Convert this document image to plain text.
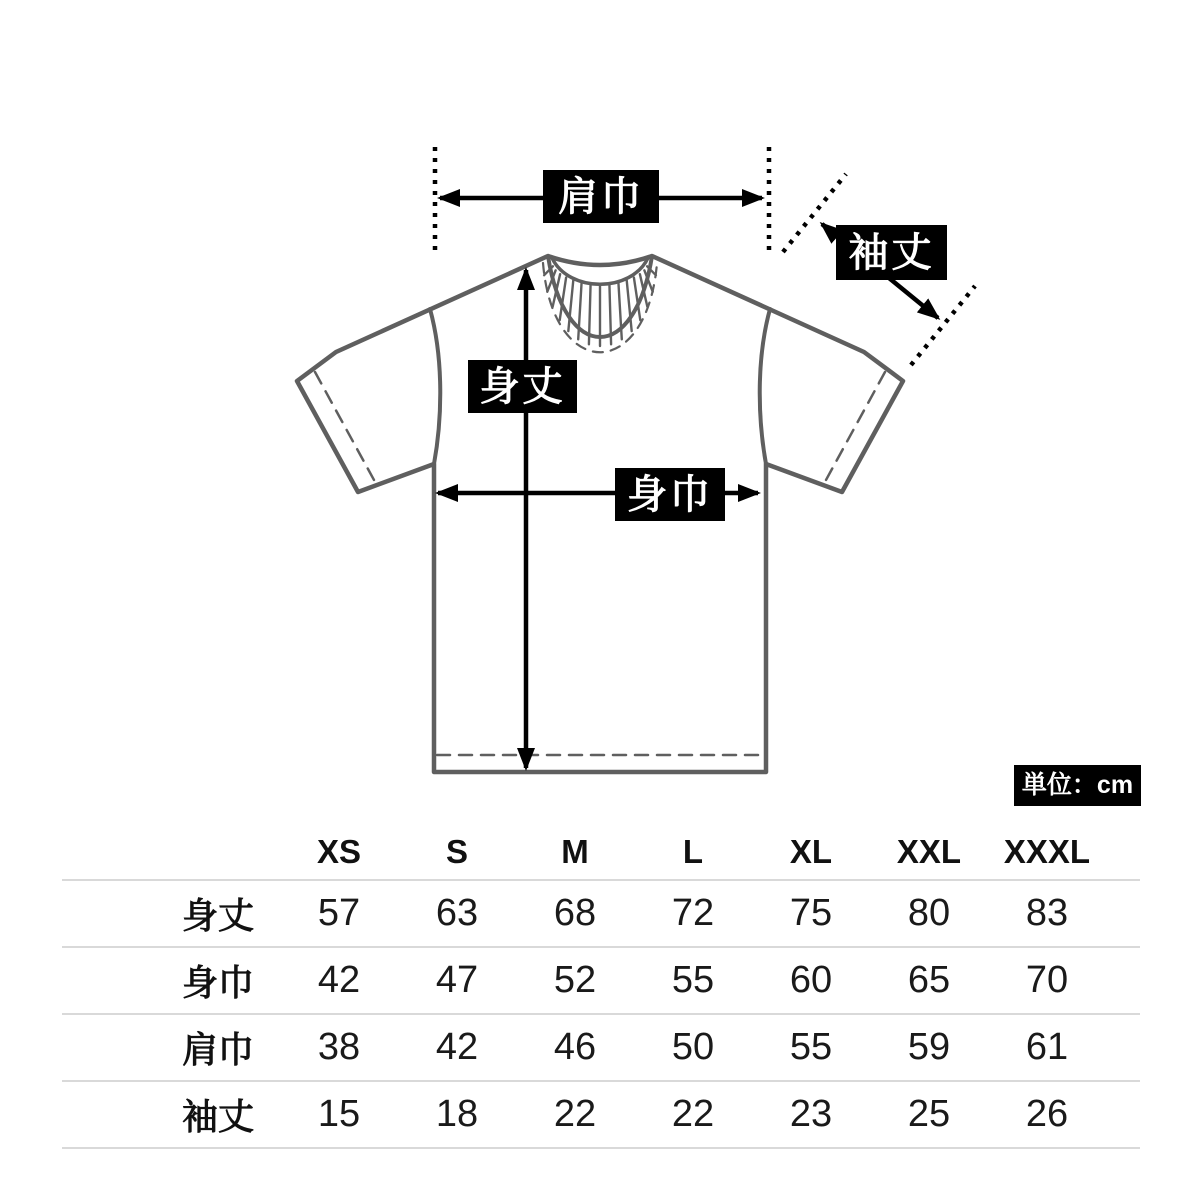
肩巾
袖丈
身丈
身巾
単位：cm
XS	S	M	L	XL	XXL	XXXL
身丈	57	63	68	72	75	80	83
身巾	42	47	52	55	60	65	70
肩巾	38	42	46	50	55	59	61
袖丈	15	18	22	22	23	25	26
